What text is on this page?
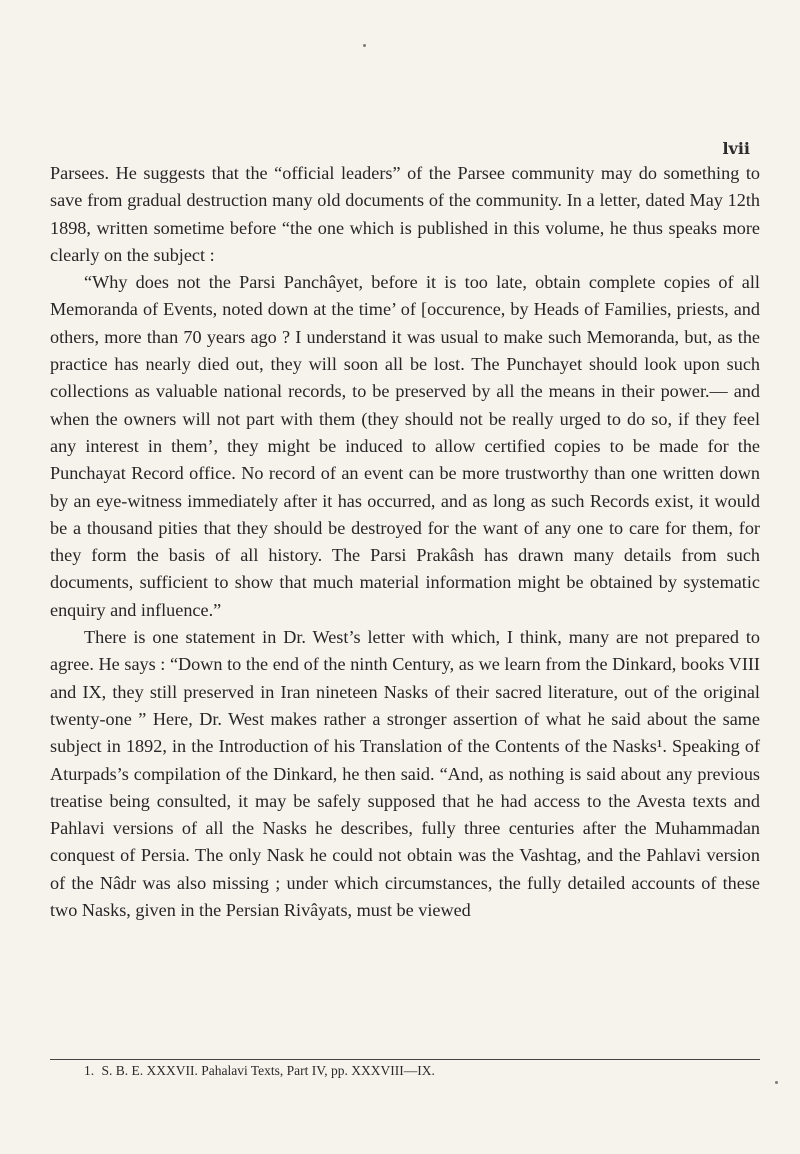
lvii

Parsees. He suggests that the “official leaders” of the Parsee community may do something to save from gradual destruction many old documents of the community. In a letter, dated May 12th 1898, written sometime before “the one which is published in this volume, he thus speaks more clearly on the subject :

“Why does not the Parsi Panchâyet, before it is too late, obtain complete copies of all Memoranda of Events, noted down at the time’ of [occurence, by Heads of Families, priests, and others, more than 70 years ago ? I understand it was usual to make such Memoranda, but, as the practice has nearly died out, they will soon all be lost. The Punchayet should look upon such collections as valuable national records, to be preserved by all the means in their power.— and when the owners will not part with them (they should not be really urged to do so, if they feel any interest in them’, they might be induced to allow certified copies to be made for the Punchayat Record office. No record of an event can be more trustworthy than one written down by an eye-witness immediately after it has occurred, and as long as such Records exist, it would be a thousand pities that they should be destroyed for the want of any one to care for them, for they form the basis of all history. The Parsi Prakâsh has drawn many details from such documents, sufficient to show that much material information might be obtained by systematic enquiry and influence.”

There is one statement in Dr. West’s letter with which, I think, many are not prepared to agree. He says : “Down to the end of the ninth Century, as we learn from the Dinkard, books VIII and IX, they still preserved in Iran nineteen Nasks of their sacred literature, out of the original twenty-one ” Here, Dr. West makes rather a stronger assertion of what he said about the same subject in 1892, in the Introduction of his Translation of the Contents of the Nasks¹. Speaking of Aturpads’s compilation of the Dinkard, he then said. “And, as nothing is said about any previous treatise being consulted, it may be safely supposed that he had access to the Avesta texts and Pahlavi versions of all the Nasks he describes, fully three centuries after the Muhammadan conquest of Persia. The only Nask he could not obtain was the Vashtag, and the Pahlavi version of the Nâdr was also missing ; under which circumstances, the fully detailed accounts of these two Nasks, given in the Persian Rivâyats, must be viewed

1. S. B. E. XXXVII. Pahalavi Texts, Part IV, pp. XXXVIII—IX.
